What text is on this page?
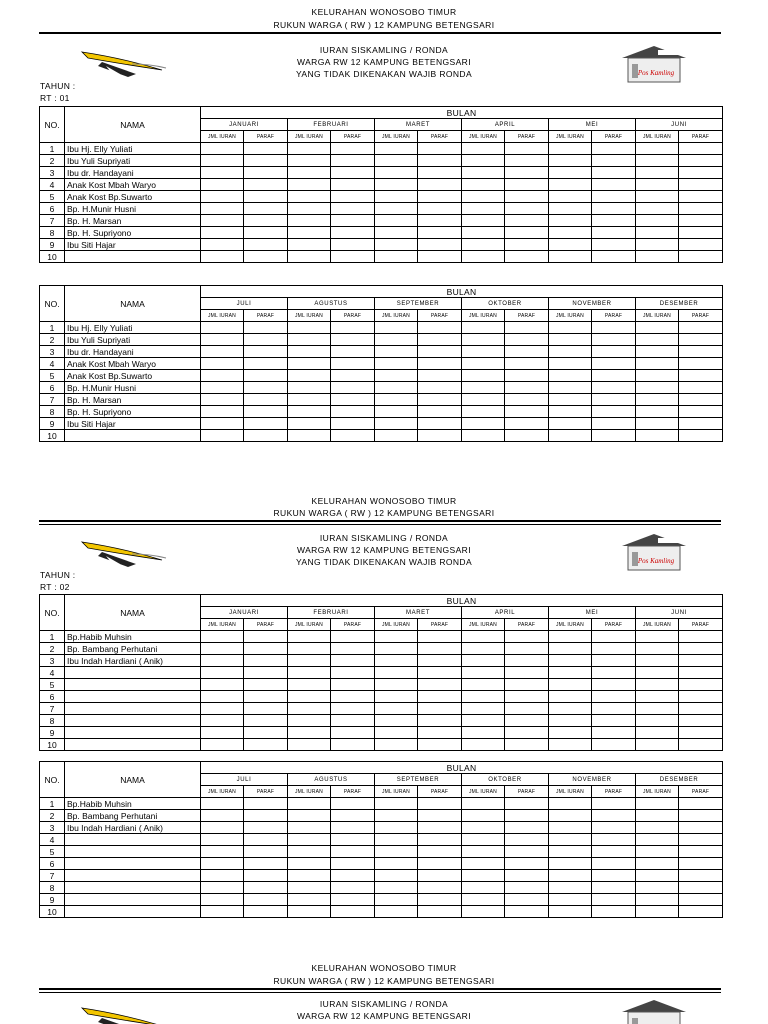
KELURAHAN WONOSOBO TIMUR
RUKUN WARGA ( RW ) 12 KAMPUNG BETENGSARI
Pos Kamling
IURAN SISKAMLING / RONDA
WARGA RW 12 KAMPUNG BETENGSARI
YANG TIDAK DIKENAKAN WAJIB RONDA
TAHUN :
RT : 01
NO.	NAMA	BULAN											
		JANUARI		FEBRUARI		MARET		APRIL		MEI		JUNI	
		JML IURAN	PARAF	JML IURAN	PARAF	JML IURAN	PARAF	JML IURAN	PARAF	JML IURAN	PARAF	JML IURAN	PARAF
1	Ibu Hj. Elly Yuliati												
2	Ibu Yuli Supriyati												
3	Ibu dr. Handayani												
4	Anak Kost Mbah Waryo												
5	Anak Kost Bp.Suwarto												
6	Bp. H.Munir Husni												
7	Bp. H. Marsan												
8	Bp. H. Supriyono												
9	Ibu Siti Hajar												
10													
NO.	NAMA	BULAN											
		JULI		AGUSTUS		SEPTEMBER		OKTOBER		NOVEMBER		DESEMBER	
		JML IURAN	PARAF	JML IURAN	PARAF	JML IURAN	PARAF	JML IURAN	PARAF	JML IURAN	PARAF	JML IURAN	PARAF
1	Ibu Hj. Elly Yuliati												
2	Ibu Yuli Supriyati												
3	Ibu dr. Handayani												
4	Anak Kost Mbah Waryo												
5	Anak Kost Bp.Suwarto												
6	Bp. H.Munir Husni												
7	Bp. H. Marsan												
8	Bp. H. Supriyono												
9	Ibu Siti Hajar												
10													
KELURAHAN WONOSOBO TIMUR
RUKUN WARGA ( RW ) 12 KAMPUNG BETENGSARI
Pos Kamling
IURAN SISKAMLING / RONDA
WARGA RW 12 KAMPUNG BETENGSARI
YANG TIDAK DIKENAKAN WAJIB RONDA
TAHUN :
RT : 02
NO.	NAMA	BULAN											
		JANUARI		FEBRUARI		MARET		APRIL		MEI		JUNI	
		JML IURAN	PARAF	JML IURAN	PARAF	JML IURAN	PARAF	JML IURAN	PARAF	JML IURAN	PARAF	JML IURAN	PARAF
1	Bp.Habib Muhsin												
2	Bp. Bambang Perhutani												
3	Ibu Indah Hardiani ( Anik)												
4													
5													
6													
7													
8													
9													
10													
NO.	NAMA	BULAN											
		JULI		AGUSTUS		SEPTEMBER		OKTOBER		NOVEMBER		DESEMBER	
		JML IURAN	PARAF	JML IURAN	PARAF	JML IURAN	PARAF	JML IURAN	PARAF	JML IURAN	PARAF	JML IURAN	PARAF
1	Bp.Habib Muhsin												
2	Bp. Bambang Perhutani												
3	Ibu Indah Hardiani ( Anik)												
4													
5													
6													
7													
8													
9													
10													
KELURAHAN WONOSOBO TIMUR
RUKUN WARGA ( RW ) 12 KAMPUNG BETENGSARI
IURAN SISKAMLING / RONDA
WARGA RW 12 KAMPUNG BETENGSARI
